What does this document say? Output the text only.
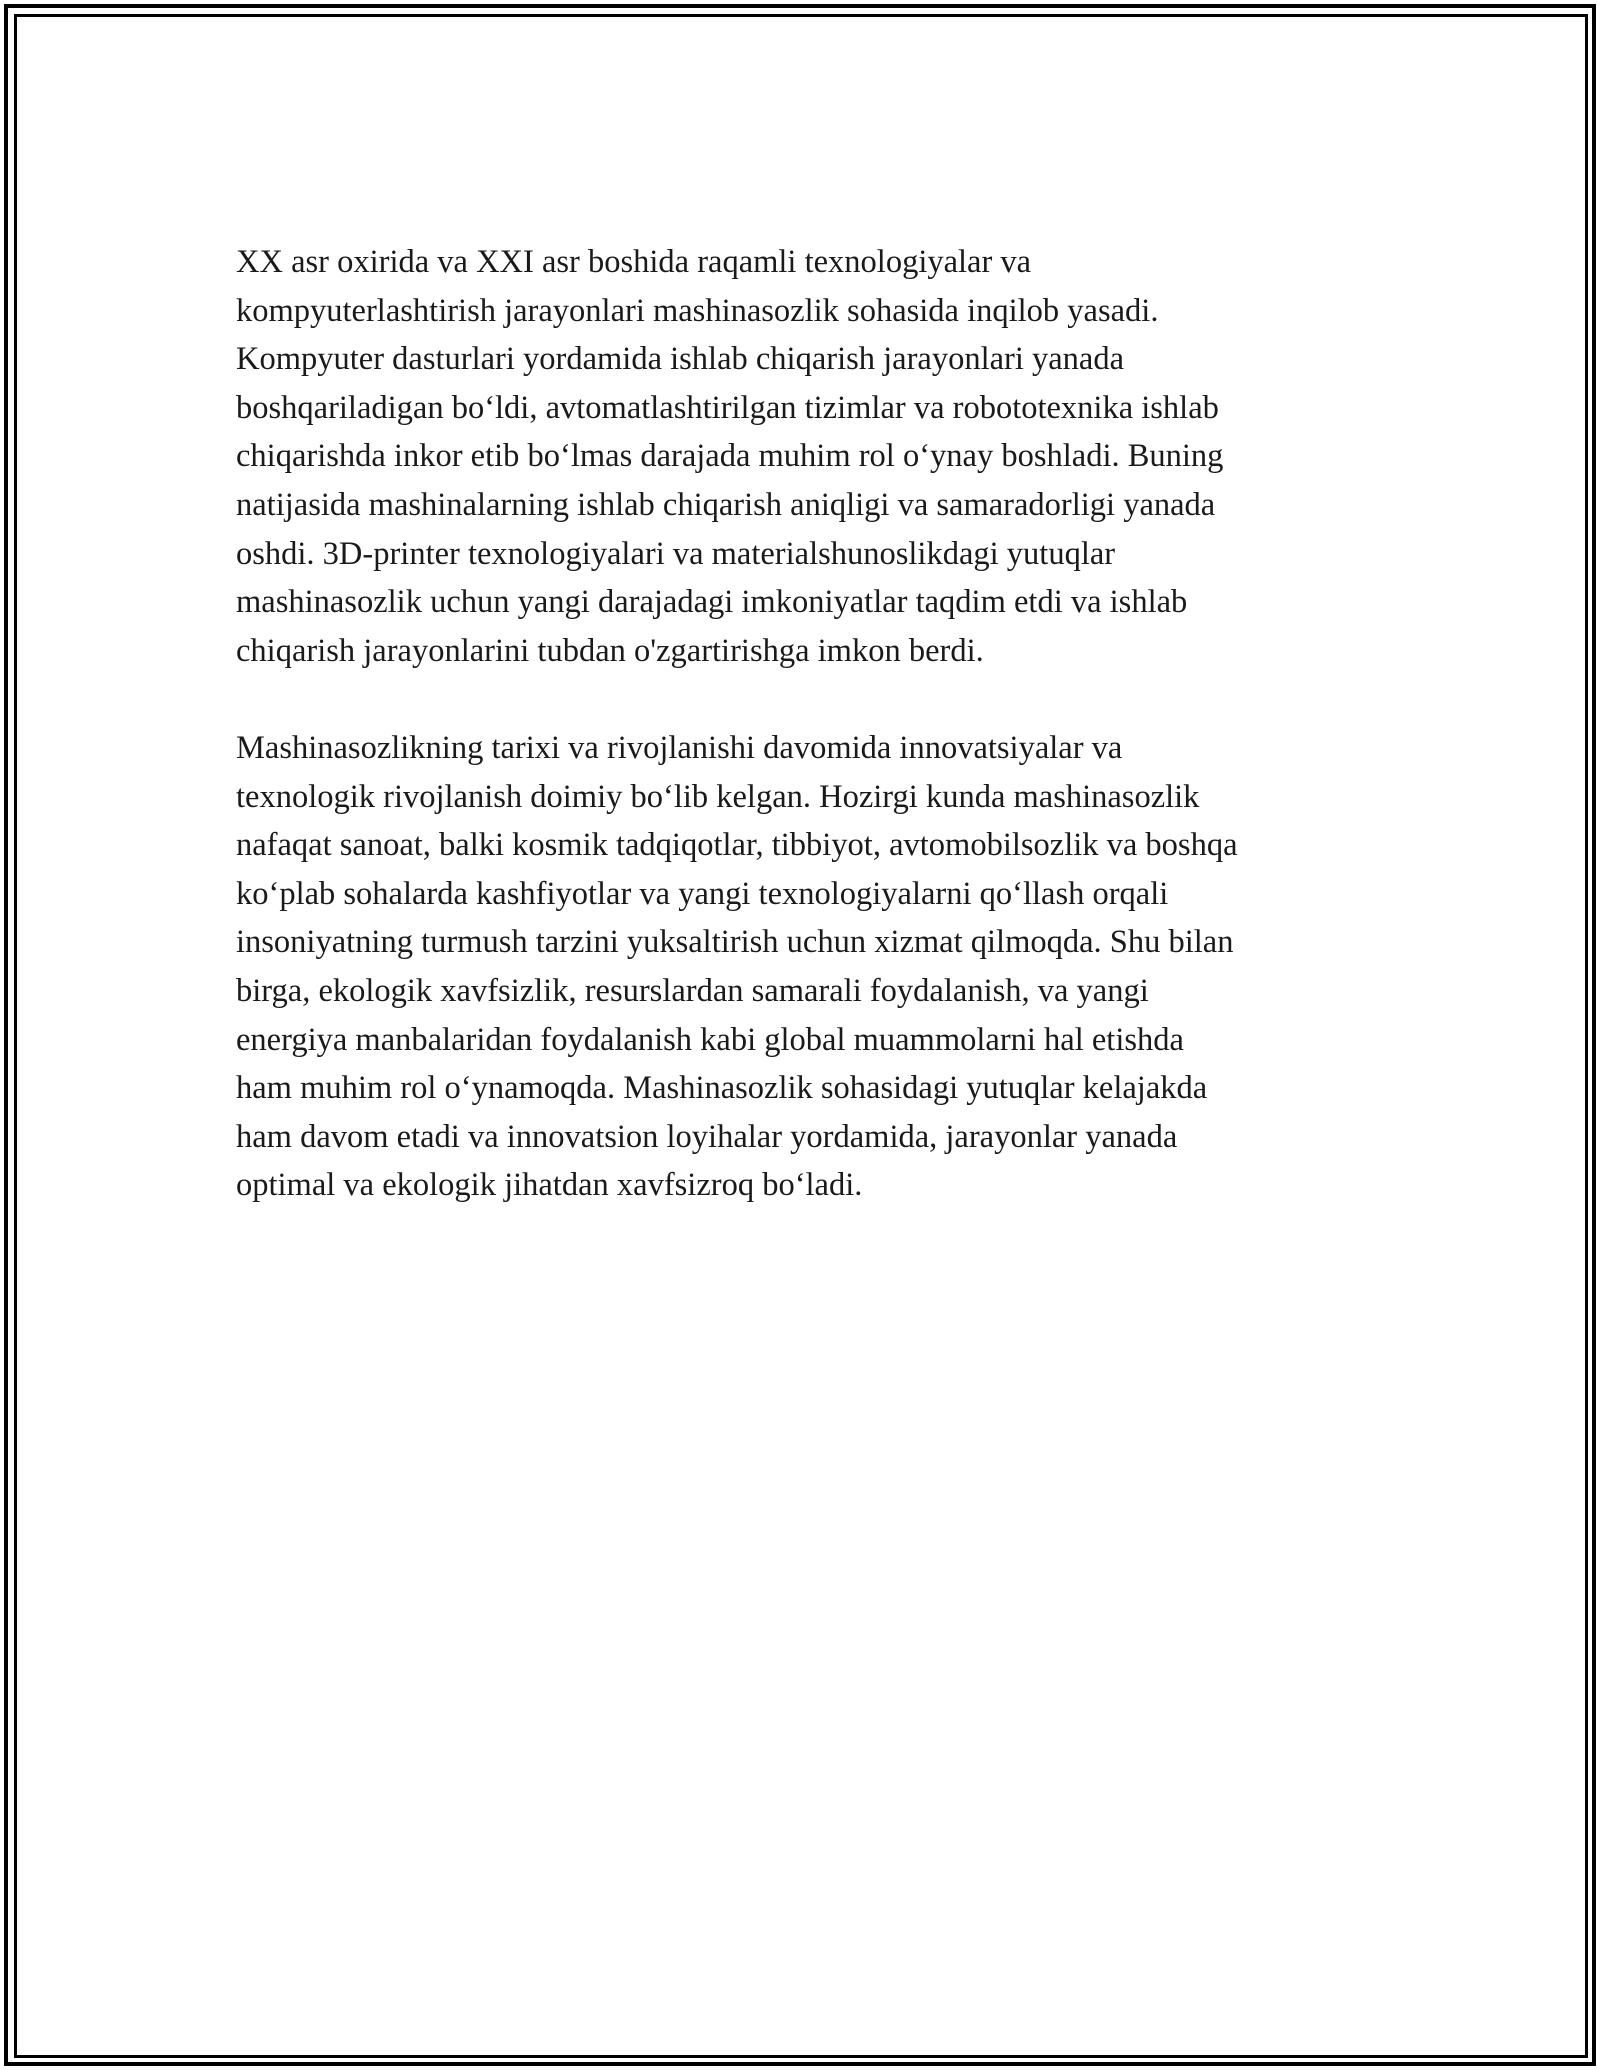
XX asr oxirida va XXI asr boshida raqamli texnologiyalar va
kompyuterlashtirish jarayonlari mashinasozlik sohasida inqilob yasadi.
Kompyuter dasturlari yordamida ishlab chiqarish jarayonlari yanada
boshqariladigan bo‘ldi, avtomatlashtirilgan tizimlar va robototexnika ishlab
chiqarishda inkor etib bo‘lmas darajada muhim rol o‘ynay boshladi. Buning
natijasida mashinalarning ishlab chiqarish aniqligi va samaradorligi yanada
oshdi. 3D-printer texnologiyalari va materialshunoslikdagi yutuqlar
mashinasozlik uchun yangi darajadagi imkoniyatlar taqdim etdi va ishlab
chiqarish jarayonlarini tubdan o'zgartirishga imkon berdi.

Mashinasozlikning tarixi va rivojlanishi davomida innovatsiyalar va
texnologik rivojlanish doimiy bo‘lib kelgan. Hozirgi kunda mashinasozlik
nafaqat sanoat, balki kosmik tadqiqotlar, tibbiyot, avtomobilsozlik va boshqa
ko‘plab sohalarda kashfiyotlar va yangi texnologiyalarni qo‘llash orqali
insoniyatning turmush tarzini yuksaltirish uchun xizmat qilmoqda. Shu bilan
birga, ekologik xavfsizlik, resurslardan samarali foydalanish, va yangi
energiya manbalaridan foydalanish kabi global muammolarni hal etishda
ham muhim rol o‘ynamoqda. Mashinasozlik sohasidagi yutuqlar kelajakda
ham davom etadi va innovatsion loyihalar yordamida, jarayonlar yanada
optimal va ekologik jihatdan xavfsizroq bo‘ladi.
